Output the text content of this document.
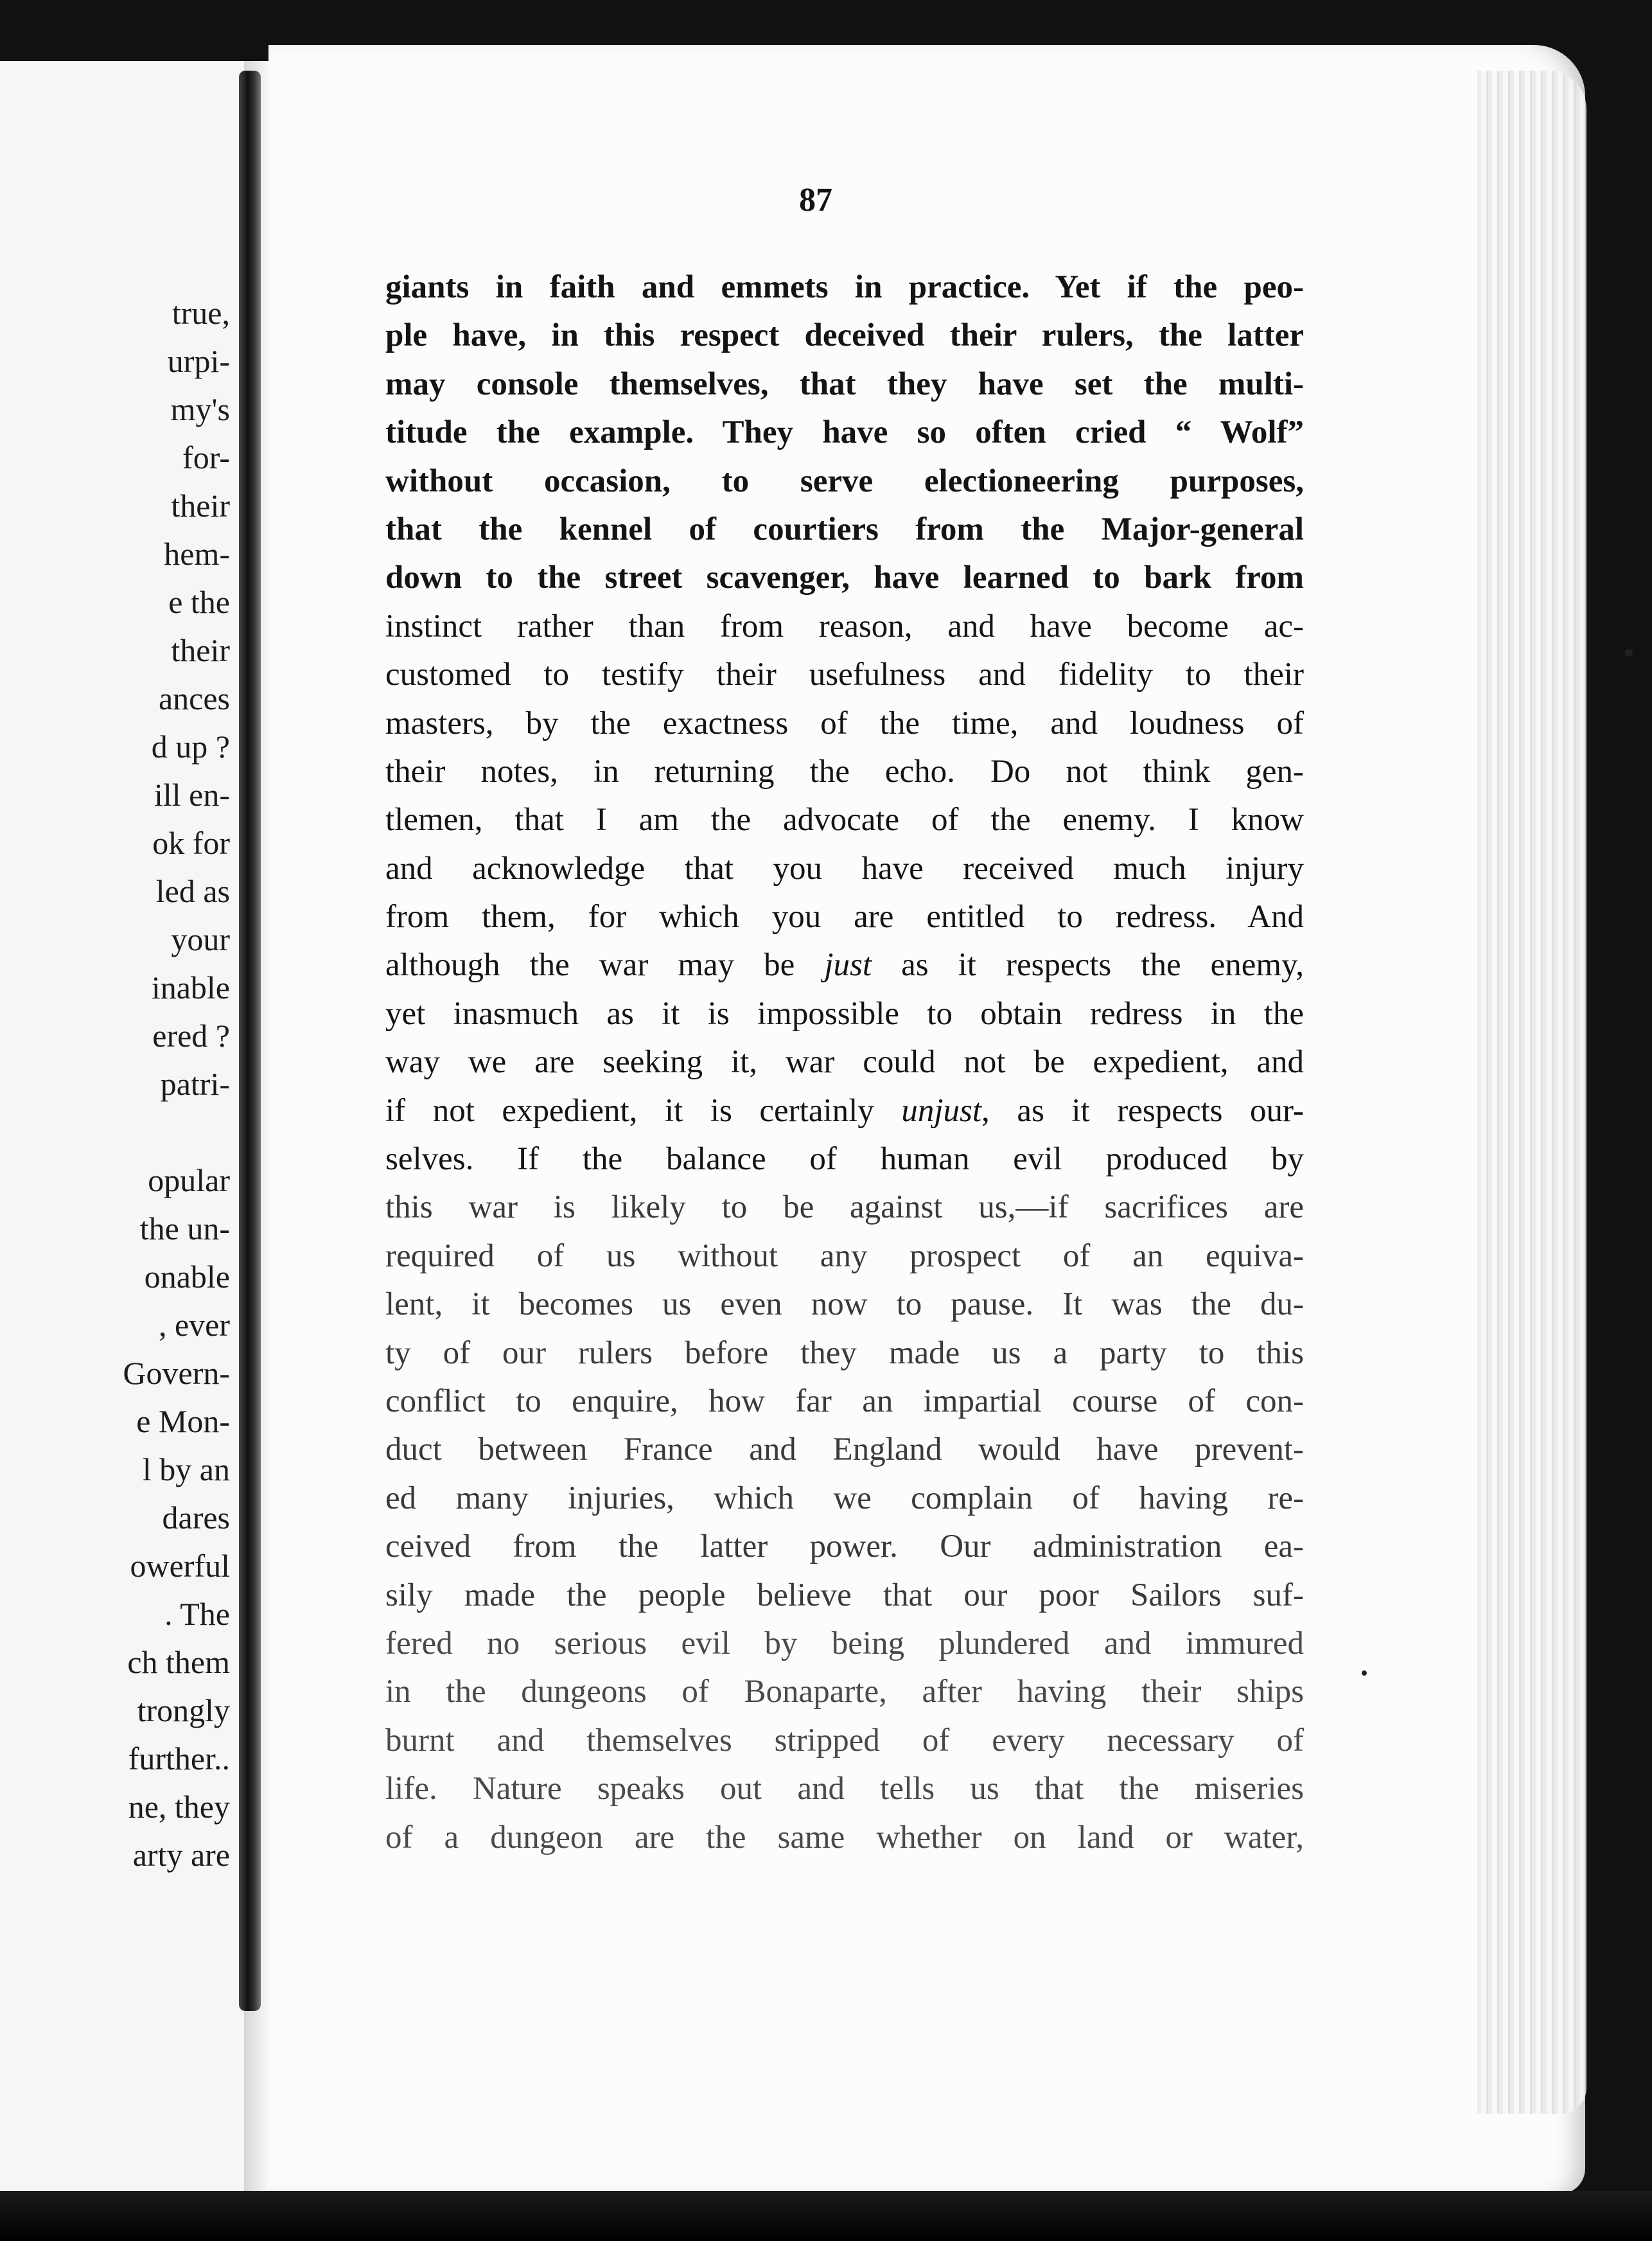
true,
urpi-
my's
for-
their
hem-
e the
their
ances
d up ?
ill en-
ok for
led as
your
inable
ered ?
patri-
opular
the un-
onable
, ever
Govern-
e Mon-
l by an
dares
owerful
. The
ch them
trongly
further..
ne, they
arty are
87
giants in faith and emmets in practice. Yet if the peo-
ple have, in this respect deceived their rulers, the latter
may console themselves, that they have set the multi-
titude the example. They have so often cried “ Wolf”
without occasion, to serve electioneering purposes,
that the kennel of courtiers from the Major-general
down to the street scavenger, have learned to bark from
instinct rather than from reason, and have become ac-
customed to testify their usefulness and fidelity to their
masters, by the exactness of the time, and loudness of
their notes, in returning the echo. Do not think gen-
tlemen, that I am the advocate of the enemy. I know
and acknowledge that you have received much injury
from them, for which you are entitled to redress. And
although the war may be just as it respects the enemy,
yet inasmuch as it is impossible to obtain redress in the
way we are seeking it, war could not be expedient, and
if not expedient, it is certainly unjust, as it respects our-
selves. If the balance of human evil produced by
this war is likely to be against us,—if sacrifices are
required of us without any prospect of an equiva-
lent, it becomes us even now to pause. It was the du-
ty of our rulers before they made us a party to this
conflict to enquire, how far an impartial course of con-
duct between France and England would have prevent-
ed many injuries, which we complain of having re-
ceived from the latter power. Our administration ea-
sily made the people believe that our poor Sailors suf-
fered no serious evil by being plundered and immured
in the dungeons of Bonaparte, after having their ships
burnt and themselves stripped of every necessary of
life. Nature speaks out and tells us that the miseries
of a dungeon are the same whether on land or water,
